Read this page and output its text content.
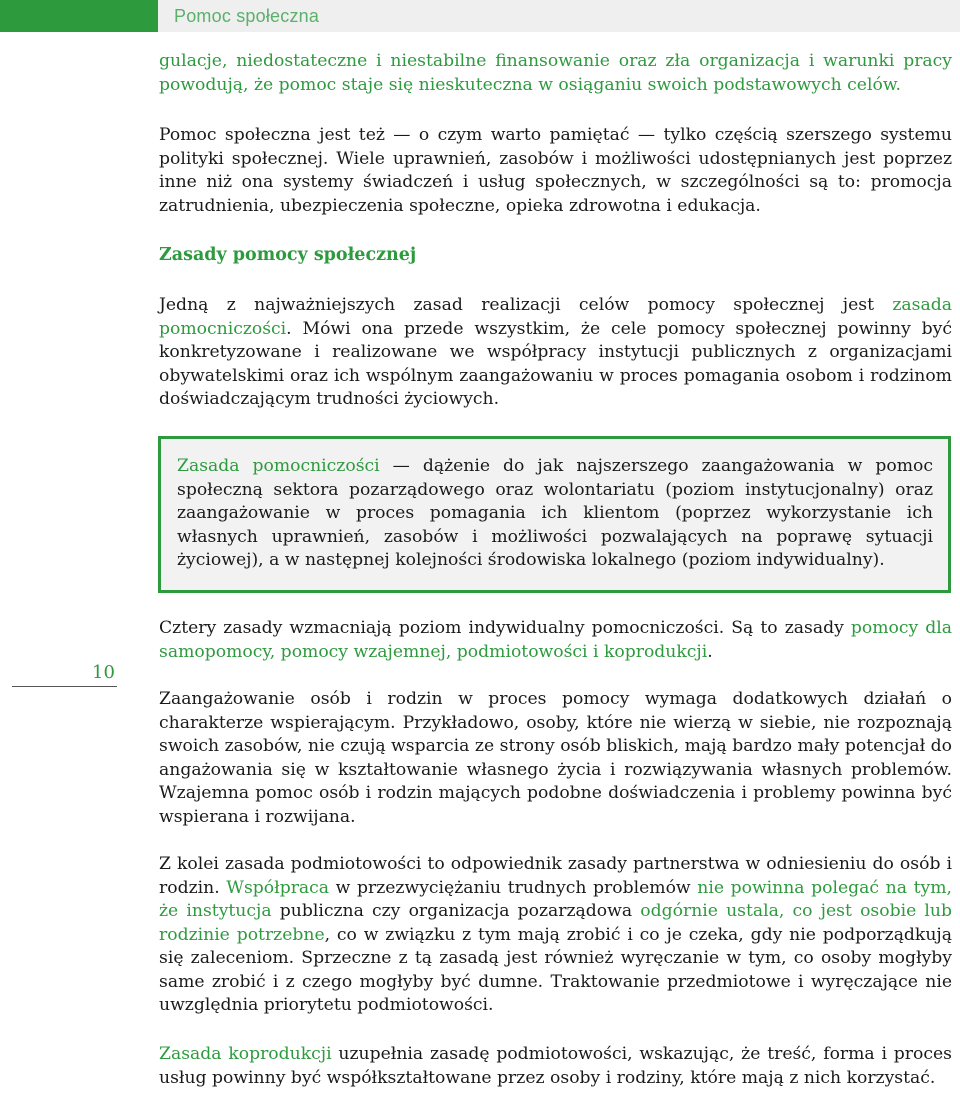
Pomoc społeczna

gulacje, niedostateczne i niestabilne finansowanie oraz zła organizacja i warunki pracy powodują, że pomoc staje się nieskuteczna w osiąganiu swoich podstawowych celów.

Pomoc społeczna jest też — o czym warto pamiętać — tylko częścią szerszego systemu polityki społecznej. Wiele uprawnień, zasobów i możliwości udostępnianych jest poprzez inne niż ona systemy świadczeń i usług społecznych, w szczególności są to: promocja zatrudnienia, ubezpieczenia społeczne, opieka zdrowotna i edukacja.

Zasady pomocy społecznej

Jedną z najważniejszych zasad realizacji celów pomocy społecznej jest zasada pomocniczości. Mówi ona przede wszystkim, że cele pomocy społecznej powinny być konkretyzowane i realizowane we współpracy instytucji publicznych z organizacjami obywatelskimi oraz ich wspólnym zaangażowaniu w proces pomagania osobom i rodzinom doświadczającym trudności życiowych.

Zasada pomocniczości — dążenie do jak najszerszego zaangażowania w pomoc społeczną sektora pozarządowego oraz wolontariatu (poziom instytucjonalny) oraz zaangażowanie w proces pomagania ich klientom (poprzez wykorzystanie ich własnych uprawnień, zasobów i możliwości pozwalających na poprawę sytuacji życiowej), a w następnej kolejności środowiska lokalnego (poziom indywidualny).

10

Cztery zasady wzmacniają poziom indywidualny pomocniczości. Są to zasady pomocy dla samopomocy, pomocy wzajemnej, podmiotowości i koprodukcji.

Zaangażowanie osób i rodzin w proces pomocy wymaga dodatkowych działań o charakterze wspierającym. Przykładowo, osoby, które nie wierzą w siebie, nie rozpoznają swoich zasobów, nie czują wsparcia ze strony osób bliskich, mają bardzo mały potencjał do angażowania się w kształtowanie własnego życia i rozwiązywania własnych problemów. Wzajemna pomoc osób i rodzin mających podobne doświadczenia i problemy powinna być wspierana i rozwijana.

Z kolei zasada podmiotowości to odpowiednik zasady partnerstwa w odniesieniu do osób i rodzin. Współpraca w przezwyciężaniu trudnych problemów nie powinna polegać na tym, że instytucja publiczna czy organizacja pozarządowa odgórnie ustala, co jest osobie lub rodzinie potrzebne, co w związku z tym mają zrobić i co je czeka, gdy nie podporządkują się zaleceniom. Sprzeczne z tą zasadą jest również wyręczanie w tym, co osoby mogłyby same zrobić i z czego mogłyby być dumne. Traktowanie przedmiotowe i wyręczające nie uwzględnia priorytetu podmiotowości.

Zasada koprodukcji uzupełnia zasadę podmiotowości, wskazując, że treść, forma i proces usług powinny być współkształtowane przez osoby i rodziny, które mają z nich korzystać.
